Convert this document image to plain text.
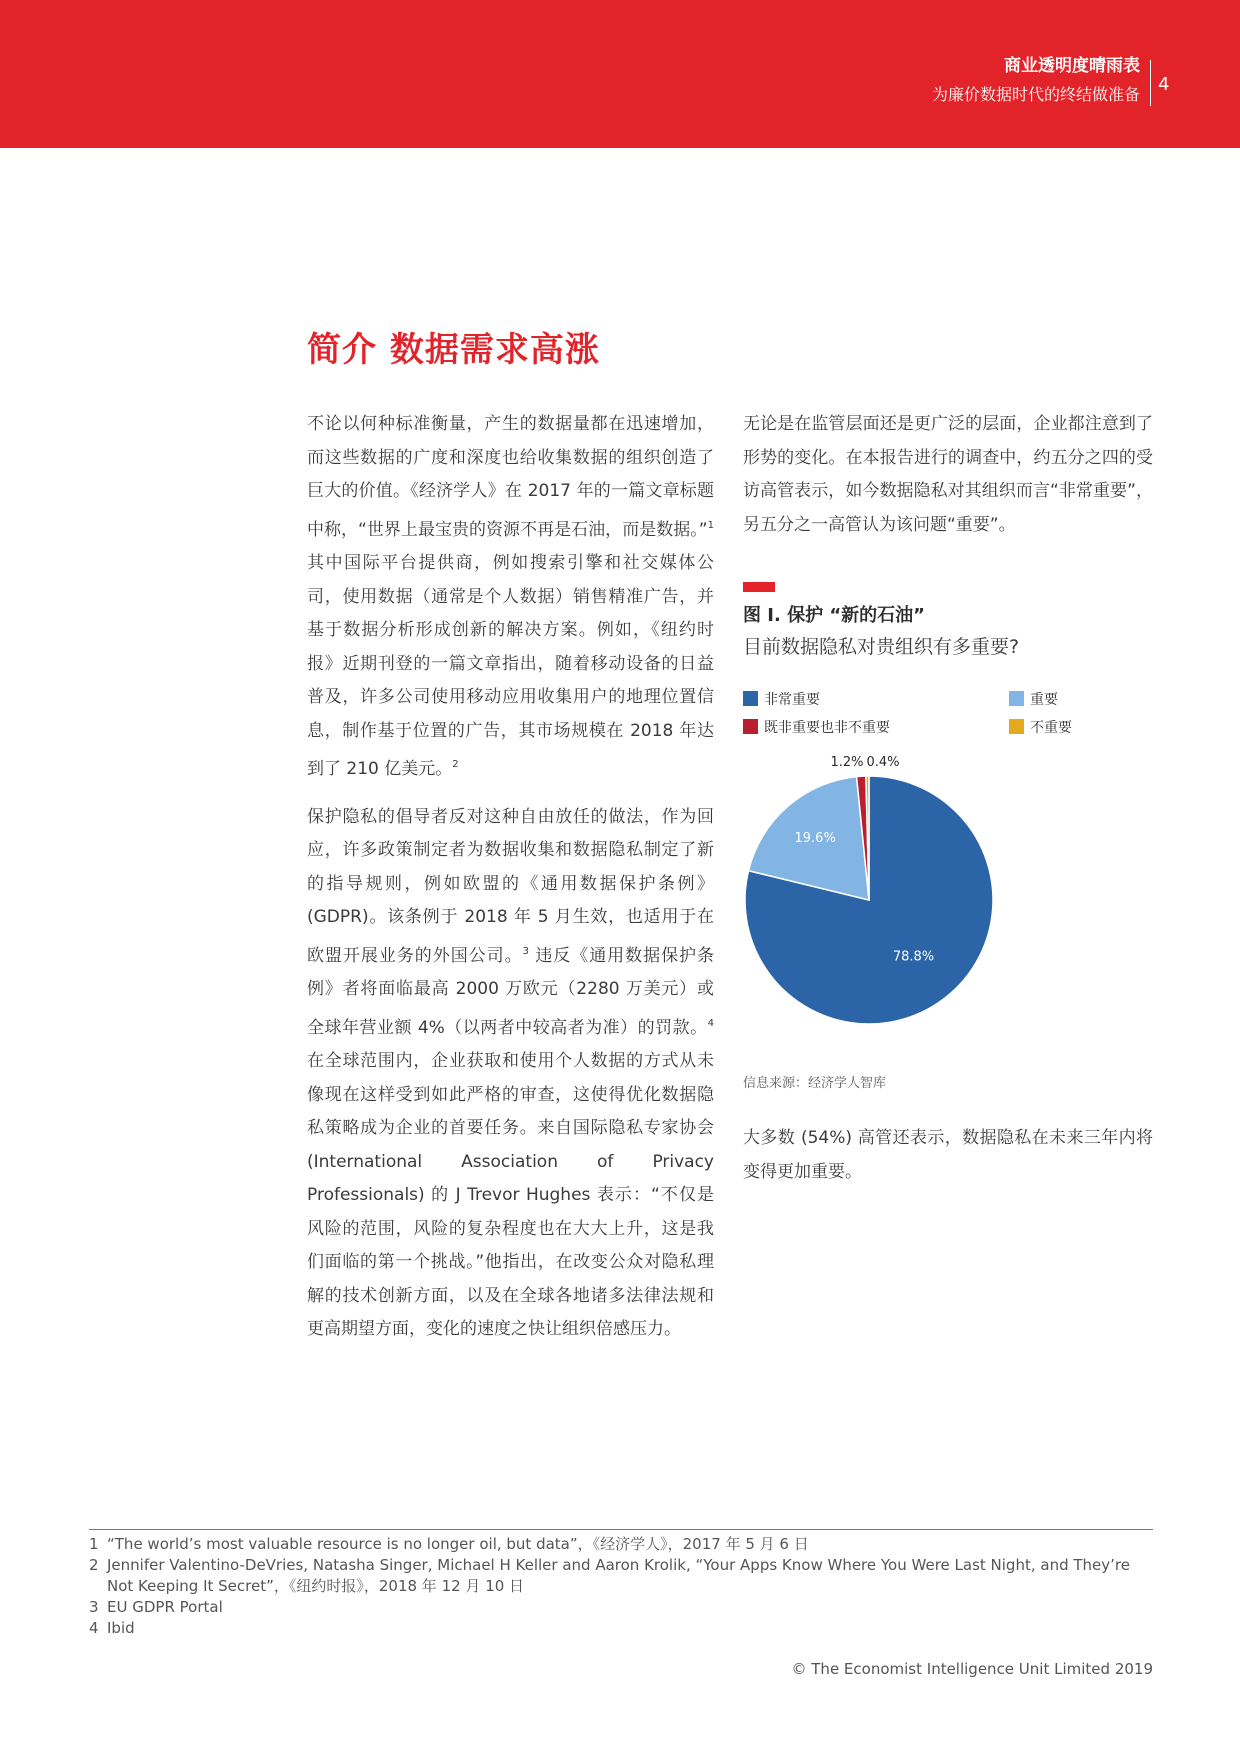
商业透明度晴雨表
为廉价数据时代的终结做准备 4
简介 数据需求高涨

不论以何种标准衡量，产生的数据量都在迅速增加，而这些数据的广度和深度也给收集数据的组织创造了巨大的价值。《经济学人》在 2017 年的一篇文章标题中称，“世界上最宝贵的资源不再是石油，而是数据。”$^1$ 其中国际平台提供商，例如搜索引擎和社交媒体公司，使用数据（通常是个人数据）销售精准广告，并基于数据分析形成创新的解决方案。例如，《纽约时报》近期刊登的一篇文章指出，随着移动设备的日益普及，许多公司使用移动应用收集用户的地理位置信息，制作基于位置的广告，其市场规模在 2018 年达到了 210 亿美元。$^2$

保护隐私的倡导者反对这种自由放任的做法，作为回应，许多政策制定者为数据收集和数据隐私制定了新的指导规则，例如欧盟的《通用数据保护条例》(GDPR)。该条例于 2018 年 5 月生效，也适用于在欧盟开展业务的外国公司。$^3$ 违反《通用数据保护条例》者将面临最高 2000 万欧元（2280 万美元）或全球年营业额 4%（以两者中较高者为准）的罚款。$^4$ 在全球范围内，企业获取和使用个人数据的方式从未像现在这样受到如此严格的审查，这使得优化数据隐私策略成为企业的首要任务。来自国际隐私专家协会 (International Association of Privacy Professionals) 的 J Trevor Hughes 表示：“不仅是风险的范围，风险的复杂程度也在大大上升，这是我们面临的第一个挑战。”他指出，在改变公众对隐私理解的技术创新方面，以及在全球各地诸多法律法规和更高期望方面，变化的速度之快让组织倍感压力。

无论是在监管层面还是更广泛的层面，企业都注意到了形势的变化。在本报告进行的调查中，约五分之四的受访高管表示，如今数据隐私对其组织而言“非常重要”，另五分之一高管认为该问题“重要”。

图 I. 保护 “新的石油”
目前数据隐私对贵组织有多重要?
非常重要	重要
既非重要也非不重要	不重要
78.8%
19.6%
1.2% 0.4%
信息来源：经济学人智库

大多数 (54%) 高管还表示，数据隐私在未来三年内将变得更加重要。

1 “The world’s most valuable resource is no longer oil, but data”，《经济学人》，2017 年 5 月 6 日
2 Jennifer Valentino-DeVries, Natasha Singer, Michael H Keller and Aaron Krolik, “Your Apps Know Where You Were Last Night, and They’re Not Keeping It Secret”，《纽约时报》，2018 年 12 月 10 日
3 EU GDPR Portal
4 Ibid
© The Economist Intelligence Unit Limited 2019
